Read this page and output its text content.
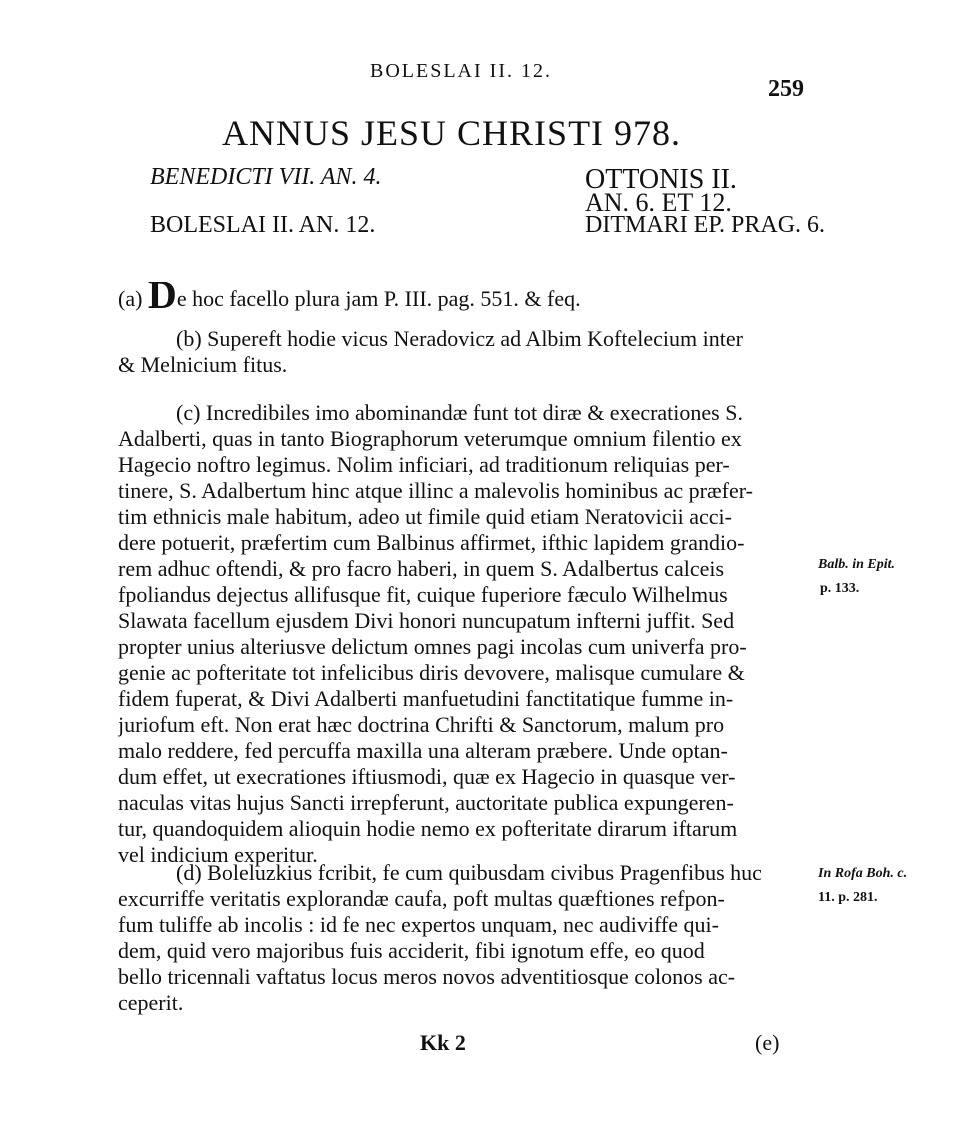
BOLESLAI II. 12.
259
ANNUS JESU CHRISTI 978.
BENEDICTI VII. AN. 4.	OTTONIS II.
AN. 6. ET 12.
BOLESLAI II. AN. 12.	DITMARI EP. PRAG. 6.
(a) De hoc facello plura jam P. III. pag. 551. & feq.
(b) Supereft hodie vicus Neradovicz ad Albim Koftelecium inter
& Melnicium fitus.
(c) Incredibiles imo abominandæ funt tot diræ & execrationes S.
Adalberti, quas in tanto Biographorum veterumque omnium filentio ex
Hagecio noftro legimus. Nolim inficiari, ad traditionum reliquias per-
tinere, S. Adalbertum hinc atque illinc a malevolis hominibus ac præfer-
tim ethnicis male habitum, adeo ut fimile quid etiam Neratovicii acci-
dere potuerit, præfertim cum Balbinus affirmet, ifthic lapidem grandio-
rem adhuc oftendi, & pro facro haberi, in quem S. Adalbertus calceis
fpoliandus dejectus allifusque fit, cuique fuperiore fæculo Wilhelmus
Slawata facellum ejusdem Divi honori nuncupatum infterni juffit. Sed
propter unius alteriusve delictum omnes pagi incolas cum univerfa pro-
genie ac pofteritate tot infelicibus diris devovere, malisque cumulare &
fidem fuperat, & Divi Adalberti manfuetudini fanctitatique fumme in-
juriofum eft. Non erat hæc doctrina Chrifti & Sanctorum, malum pro
malo reddere, fed percuffa maxilla una alteram præbere. Unde optan-
dum effet, ut execrationes iftiusmodi, quæ ex Hagecio in quasque ver-
naculas vitas hujus Sancti irrepferunt, auctoritate publica expungeren-
tur, quandoquidem alioquin hodie nemo ex pofteritate dirarum iftarum
vel indicium experitur.
(d) Boleluzkius fcribit, fe cum quibusdam civibus Pragenfibus huc
excurriffe veritatis explorandæ caufa, poft multas quæftiones refpon-
fum tuliffe ab incolis : id fe nec expertos unquam, nec audiviffe qui-
dem, quid vero majoribus fuis acciderit, fibi ignotum effe, eo quod
bello tricennali vaftatus locus meros novos adventitiosque colonos ac-
ceperit.
Balb. in Epit.
p. 133.
In Rofa Boh. c.
11. p. 281.
Kk 2	(e)
